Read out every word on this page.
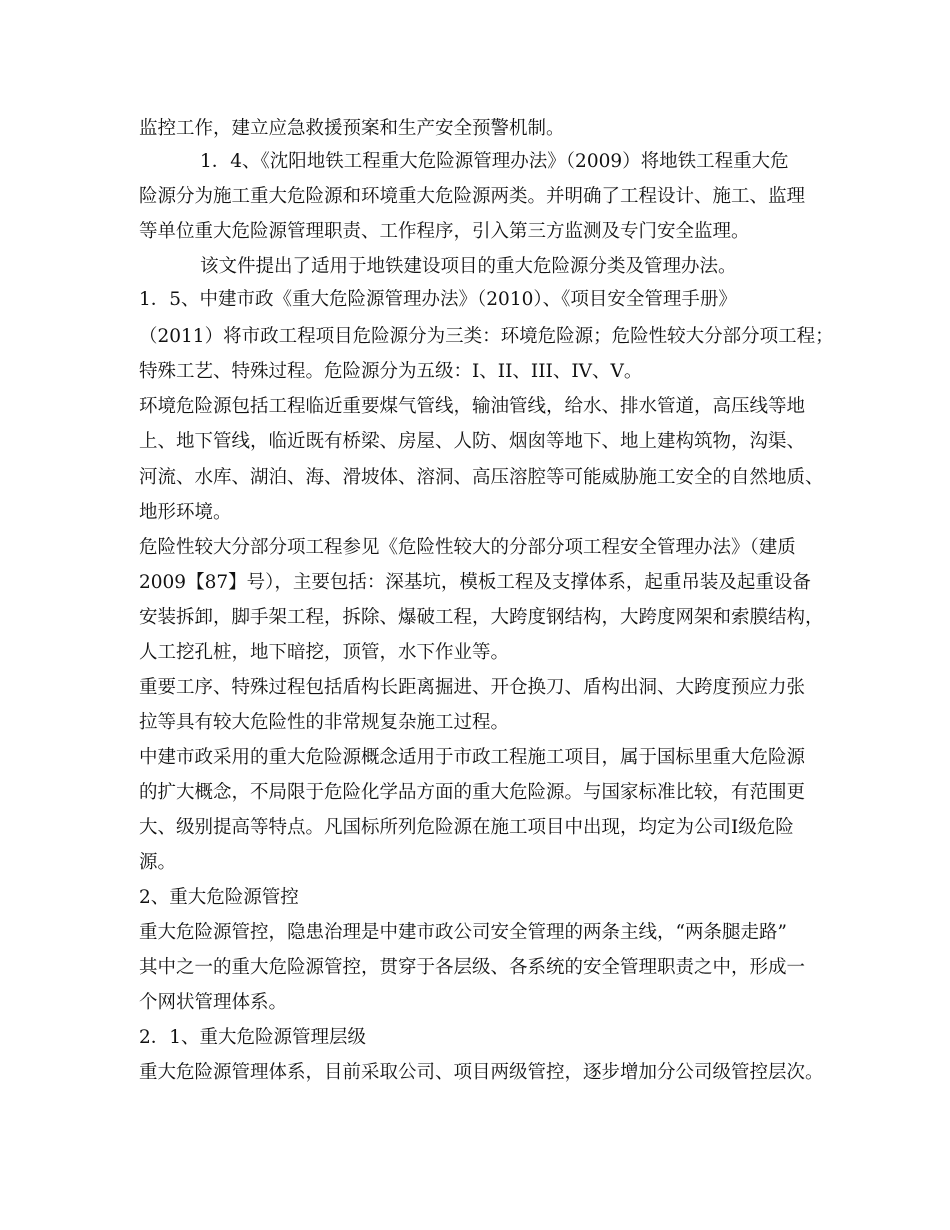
监控工作，建立应急救援预案和生产安全预警机制。
1．4、《沈阳地铁工程重大危险源管理办法》（2009）将地铁工程重大危
险源分为施工重大危险源和环境重大危险源两类。并明确了工程设计、施工、监理
等单位重大危险源管理职责、工作程序，引入第三方监测及专门安全监理。
该文件提出了适用于地铁建设项目的重大危险源分类及管理办法。
1．5、中建市政《重大危险源管理办法》（2010）、《项目安全管理手册》
（2011）将市政工程项目危险源分为三类：环境危险源；危险性较大分部分项工程；
特殊工艺、特殊过程。危险源分为五级：I、II、III、IV、V。
环境危险源包括工程临近重要煤气管线，输油管线，给水、排水管道，高压线等地
上、地下管线，临近既有桥梁、房屋、人防、烟囱等地下、地上建构筑物，沟渠、
河流、水库、湖泊、海、滑坡体、溶洞、高压溶腔等可能威胁施工安全的自然地质、
地形环境。
危险性较大分部分项工程参见《危险性较大的分部分项工程安全管理办法》（建质
2009【87】号），主要包括：深基坑，模板工程及支撑体系，起重吊装及起重设备
安装拆卸，脚手架工程，拆除、爆破工程，大跨度钢结构，大跨度网架和索膜结构，
人工挖孔桩，地下暗挖，顶管，水下作业等。
重要工序、特殊过程包括盾构长距离掘进、开仓换刀、盾构出洞、大跨度预应力张
拉等具有较大危险性的非常规复杂施工过程。
中建市政采用的重大危险源概念适用于市政工程施工项目，属于国标里重大危险源
的扩大概念，不局限于危险化学品方面的重大危险源。与国家标准比较，有范围更
大、级别提高等特点。凡国标所列危险源在施工项目中出现，均定为公司Ⅰ级危险
源。
2、重大危险源管控
重大危险源管控，隐患治理是中建市政公司安全管理的两条主线，“两条腿走路”
其中之一的重大危险源管控，贯穿于各层级、各系统的安全管理职责之中，形成一
个网状管理体系。
2．1、重大危险源管理层级
重大危险源管理体系，目前采取公司、项目两级管控，逐步增加分公司级管控层次。
